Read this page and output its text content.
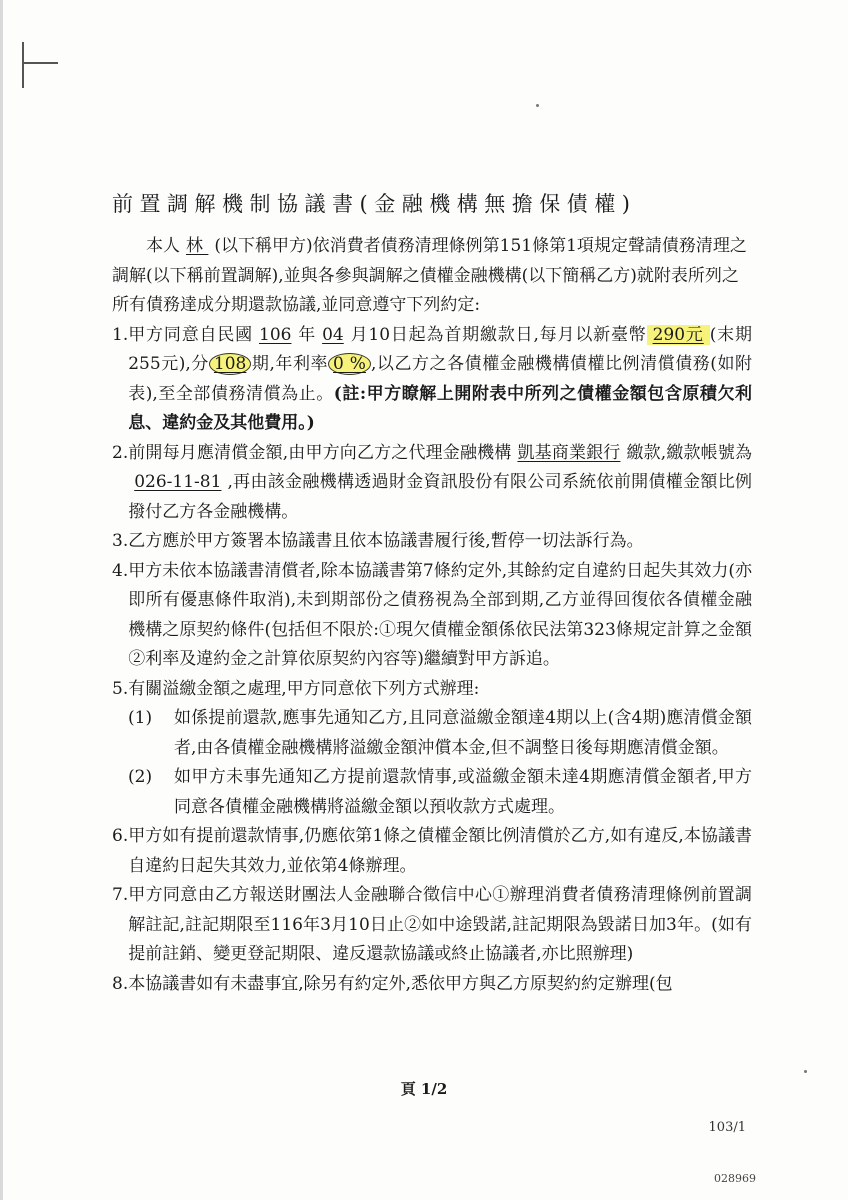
前置調解機制協議書(金融機構無擔保債權)

本人 林 (以下稱甲方)依消費者債務清理條例第151條第1項規定聲請債務清理之調解(以下稱前置調解),並與各參與調解之債權金融機構(以下簡稱乙方)就附表所列之所有債務達成分期還款協議,並同意遵守下列約定:

1. 甲方同意自民國 106 年 04 月10日起為首期繳款日,每月以新臺幣 290元 (末期255元),分 108 期,年利率 0 % ,以乙方之各債權金融機構債權比例清償債務(如附表),至全部債務清償為止。(註:甲方瞭解上開附表中所列之債權金額包含原積欠利息、違約金及其他費用。)
2. 前開每月應清償金額,由甲方向乙方之代理金融機構 凱基商業銀行 繳款,繳款帳號為026-11-81 ,再由該金融機構透過財金資訊股份有限公司系統依前開債權金額比例撥付乙方各金融機構。
3. 乙方應於甲方簽署本協議書且依本協議書履行後,暫停一切法訴行為。
4. 甲方未依本協議書清償者,除本協議書第7條約定外,其餘約定自違約日起失其效力(亦即所有優惠條件取消),未到期部份之債務視為全部到期,乙方並得回復依各債權金融機構之原契約條件(包括但不限於:①現欠債權金額係依民法第323條規定計算之金額②利率及違約金之計算依原契約內容等)繼續對甲方訴追。
5. 有關溢繳金額之處理,甲方同意依下列方式辦理:
(1)	如係提前還款,應事先通知乙方,且同意溢繳金額達4期以上(含4期)應清償金額者,由各債權金融機構將溢繳金額沖償本金,但不調整日後每期應清償金額。
(2)	如甲方未事先通知乙方提前還款情事,或溢繳金額未達4期應清償金額者,甲方同意各債權金融機構將溢繳金額以預收款方式處理。
6. 甲方如有提前還款情事,仍應依第1條之債權金額比例清償於乙方,如有違反,本協議書自違約日起失其效力,並依第4條辦理。
7. 甲方同意由乙方報送財團法人金融聯合徵信中心①辦理消費者債務清理條例前置調解註記,註記期限至116年3月10日止②如中途毀諾,註記期限為毀諾日加3年。(如有提前註銷、變更登記期限、違反還款協議或終止協議者,亦比照辦理)
8. 本協議書如有未盡事宜,除另有約定外,悉依甲方與乙方原契約約定辦理(包
頁 1/2
103/1
028969
